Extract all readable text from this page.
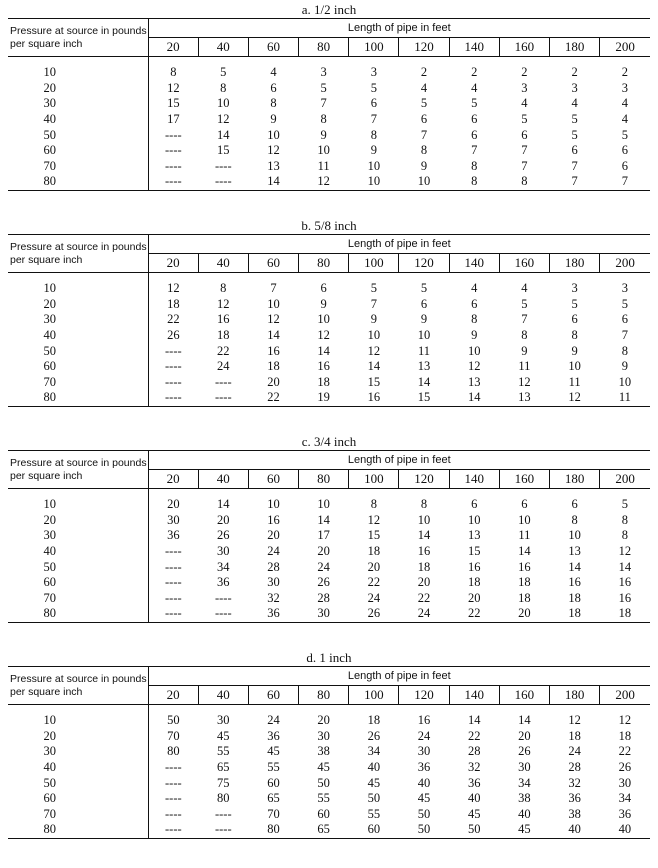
a. 1/2 inch
Pressure at source in pounds per square inch	Length of pipe in feet									
	20	40	60	80	100	120	140	160	180	200

10	8	5	4	3	3	2	2	2	2	2
20	12	8	6	5	5	4	4	3	3	3
30	15	10	8	7	6	5	5	4	4	4
40	17	12	9	8	7	6	6	5	5	4
50	----	14	10	9	8	7	6	6	5	5
60	----	15	12	10	9	8	7	7	6	6
70	----	----	13	11	10	9	8	7	7	6
80	----	----	14	12	10	10	8	8	7	7
b. 5/8 inch
Pressure at source in pounds per square inch	Length of pipe in feet									
	20	40	60	80	100	120	140	160	180	200

10	12	8	7	6	5	5	4	4	3	3
20	18	12	10	9	7	6	6	5	5	5
30	22	16	12	10	9	9	8	7	6	6
40	26	18	14	12	10	10	9	8	8	7
50	----	22	16	14	12	11	10	9	9	8
60	----	24	18	16	14	13	12	11	10	9
70	----	----	20	18	15	14	13	12	11	10
80	----	----	22	19	16	15	14	13	12	11
c. 3/4 inch
Pressure at source in pounds per square inch	Length of pipe in feet									
	20	40	60	80	100	120	140	160	180	200

10	20	14	10	10	8	8	6	6	6	5
20	30	20	16	14	12	10	10	10	8	8
30	36	26	20	17	15	14	13	11	10	8
40	----	30	24	20	18	16	15	14	13	12
50	----	34	28	24	20	18	16	16	14	14
60	----	36	30	26	22	20	18	18	16	16
70	----	----	32	28	24	22	20	18	18	16
80	----	----	36	30	26	24	22	20	18	18
d. 1 inch
Pressure at source in pounds per square inch	Length of pipe in feet									
	20	40	60	80	100	120	140	160	180	200

10	50	30	24	20	18	16	14	14	12	12
20	70	45	36	30	26	24	22	20	18	18
30	80	55	45	38	34	30	28	26	24	22
40	----	65	55	45	40	36	32	30	28	26
50	----	75	60	50	45	40	36	34	32	30
60	----	80	65	55	50	45	40	38	36	34
70	----	----	70	60	55	50	45	40	38	36
80	----	----	80	65	60	50	50	45	40	40
